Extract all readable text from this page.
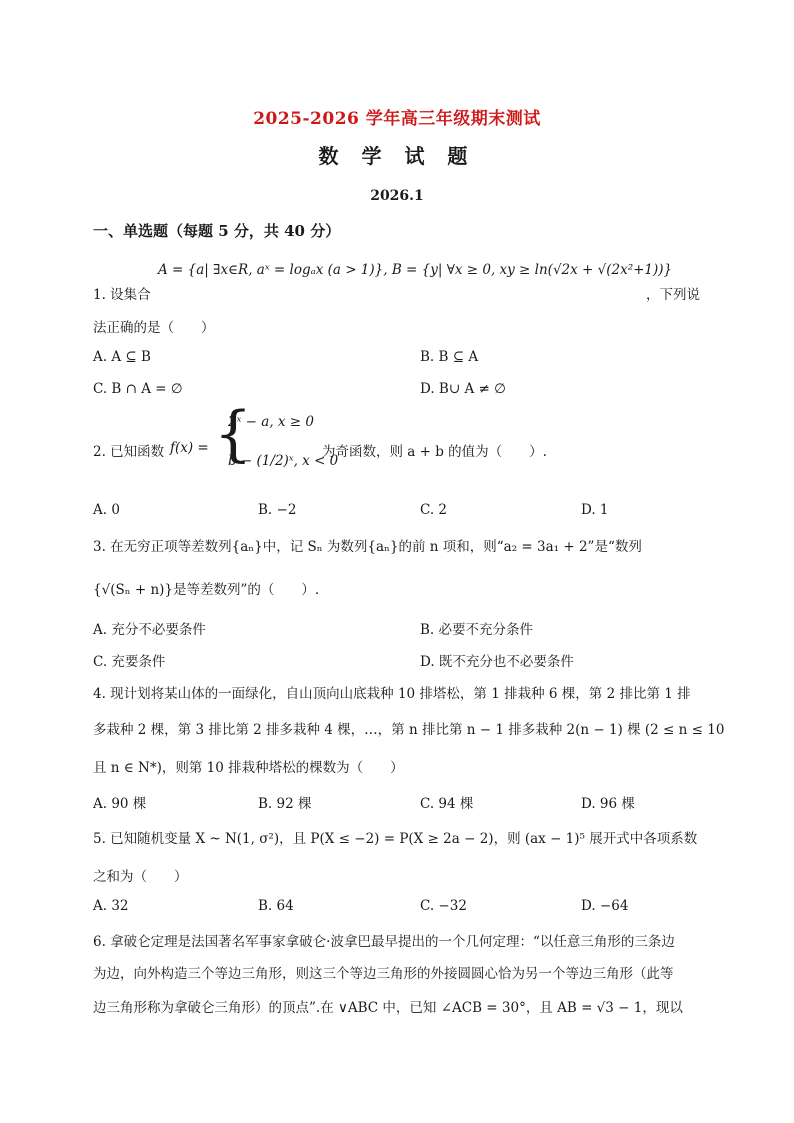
2025-2026 学年高三年级期末测试
数 学 试 题
2026.1
一、单选题（每题 5 分，共 40 分）
A = {a| ∃x∈R, aˣ = logₐx (a > 1)}, B = {y| ∀x ≥ 0, xy ≥ ln(√2x + √(2x²+1))}
1. 设集合	，下列说
法正确的是（　　）
A. A ⊆ B	B. B ⊆ A
C. B ∩ A = ∅	D. B∪ A ≠ ∅
2. 已知函数 f(x) = {
2ˣ − a, x ≥ 0
b − (1/2)ˣ, x < 0
为奇函数，则 a + b 的值为（　　）.
A. 0	B. −2	C. 2	D. 1
3. 在无穷正项等差数列{aₙ}中，记 Sₙ 为数列{aₙ}的前 n 项和，则“a₂ = 3a₁ + 2”是“数列
{√(Sₙ + n)}是等差数列”的（　　）.
A. 充分不必要条件	B. 必要不充分条件
C. 充要条件	D. 既不充分也不必要条件
4. 现计划将某山体的一面绿化，自山顶向山底栽种 10 排塔松，第 1 排栽种 6 棵，第 2 排比第 1 排
多栽种 2 棵，第 3 排比第 2 排多栽种 4 棵，…，第 n 排比第 n − 1 排多栽种 2(n − 1) 棵 (2 ≤ n ≤ 10
且 n ∈ N*)，则第 10 排栽种塔松的棵数为（　　）
A. 90 棵	B. 92 棵	C. 94 棵	D. 96 棵
5. 已知随机变量 X ~ N(1, σ²)，且 P(X ≤ −2) = P(X ≥ 2a − 2)，则 (ax − 1)⁵ 展开式中各项系数
之和为（　　）
A. 32	B. 64	C. −32	D. −64
6. 拿破仑定理是法国著名军事家拿破仑·波拿巴最早提出的一个几何定理：“以任意三角形的三条边
为边，向外构造三个等边三角形，则这三个等边三角形的外接圆圆心恰为另一个等边三角形（此等
边三角形称为拿破仑三角形）的顶点”.在 ∨ABC 中，已知 ∠ACB = 30°，且 AB = √3 − 1，现以
